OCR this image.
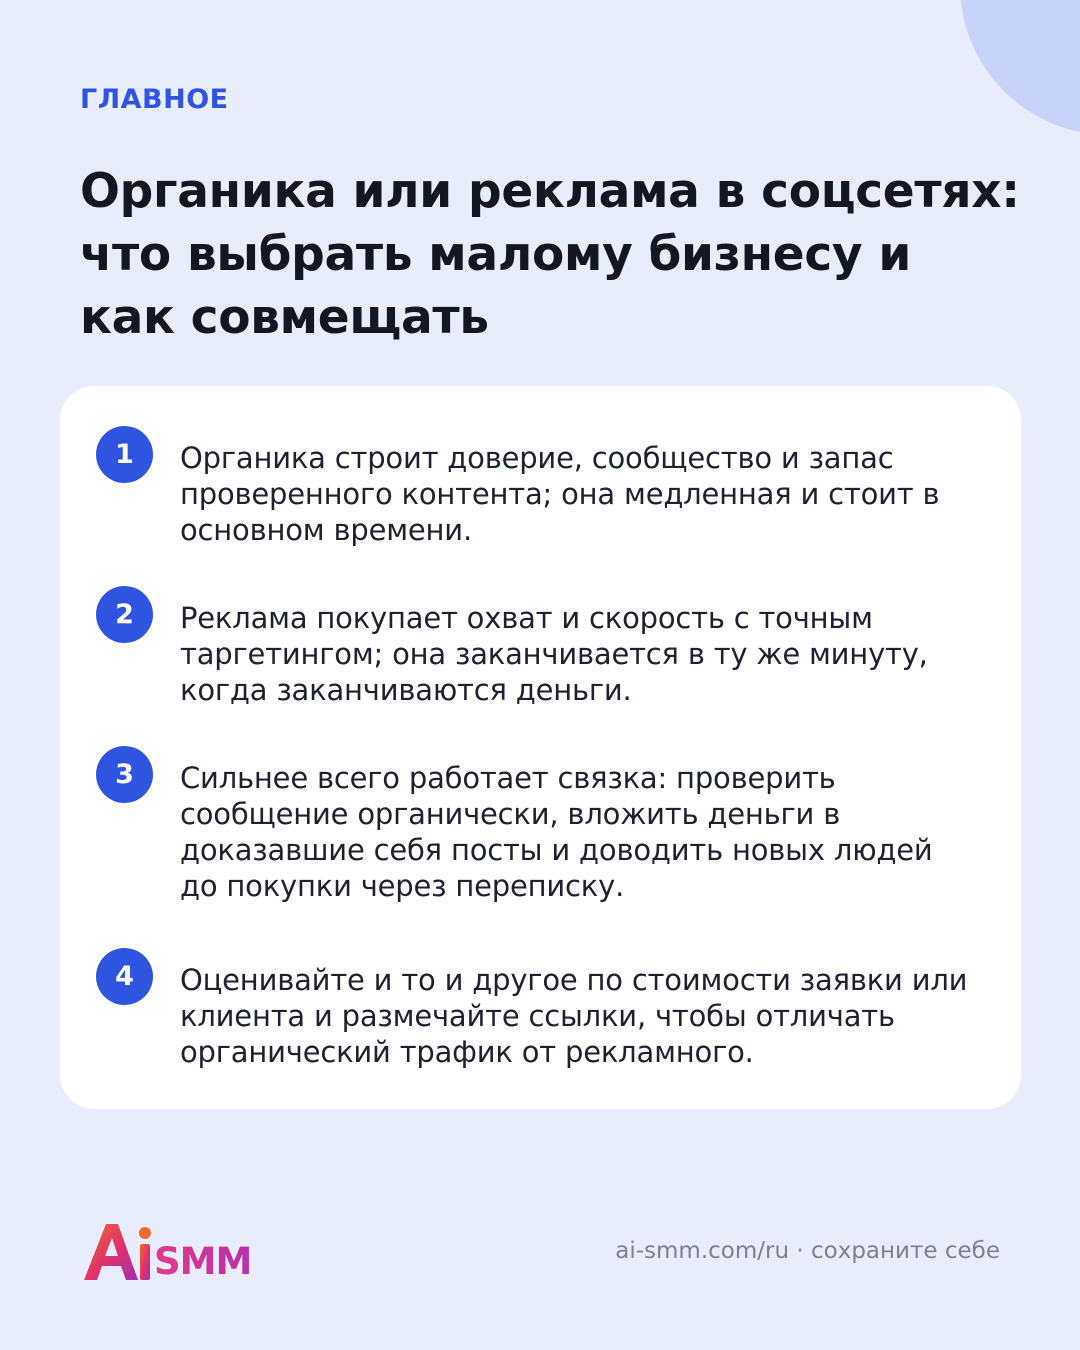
ГЛАВНОЕ

Органика или реклама в соцсетях: что выбрать малому бизнесу и как совмещать
1	Органика строит доверие, сообщество и запас проверенного контента; она медленная и стоит в основном времени.

2	Реклама покупает охват и скорость с точным таргетингом; она заканчивается в ту же минуту, когда заканчиваются деньги.

3	Сильнее всего работает связка: проверить сообщение органически, вложить деньги в доказавшие себя посты и доводить новых людей до покупки через переписку.

4	Оценивайте и то и другое по стоимости заявки или клиента и размечайте ссылки, чтобы отличать органический трафик от рекламного.

SMM	ai-smm.com/ru · сохраните себе
